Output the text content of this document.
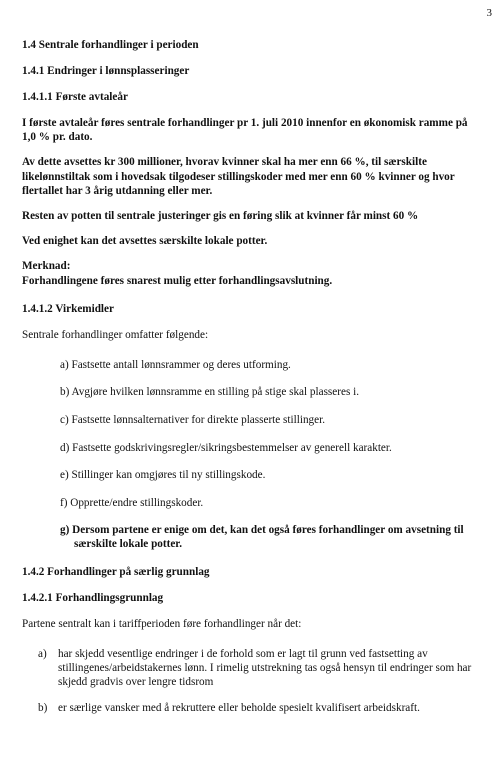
3
1.4 Sentrale forhandlinger i perioden
1.4.1 Endringer i lønnsplasseringer
1.4.1.1 Første avtaleår
I første avtaleår føres sentrale forhandlinger pr 1. juli 2010 innenfor en økonomisk ramme på 1,0 % pr. dato.
Av dette avsettes kr 300 millioner, hvorav kvinner skal ha mer enn 66 %, til særskilte likelønnstiltak som i hovedsak tilgodeser stillingskoder med mer enn 60 % kvinner og hvor flertallet har 3 årig utdanning eller mer.
Resten av potten til sentrale justeringer gis en føring slik at kvinner får minst 60 %
Ved enighet kan det avsettes særskilte lokale potter.
Merknad:
Forhandlingene føres snarest mulig etter forhandlingsavslutning.
1.4.1.2 Virkemidler
Sentrale forhandlinger omfatter følgende:
a) Fastsette antall lønnsrammer og deres utforming.
b) Avgjøre hvilken lønnsramme en stilling på stige skal plasseres i.
c) Fastsette lønnsalternativer for direkte plasserte stillinger.
d) Fastsette godskrivingsregler/sikringsbestemmelser av generell karakter.
e) Stillinger kan omgjøres til ny stillingskode.
f) Opprette/endre stillingskoder.
g) Dersom partene er enige om det, kan det også føres forhandlinger om avsetning til særskilte lokale potter.
1.4.2 Forhandlinger på særlig grunnlag
1.4.2.1 Forhandlingsgrunnlag
Partene sentralt kan i tariffperioden føre forhandlinger når det:
a)	har skjedd vesentlige endringer i de forhold som er lagt til grunn ved fastsetting av stillingenes/arbeidstakernes lønn. I rimelig utstrekning tas også hensyn til endringer som har skjedd gradvis over lengre tidsrom
b) er særlige vansker med å rekruttere eller beholde spesielt kvalifisert arbeidskraft.
